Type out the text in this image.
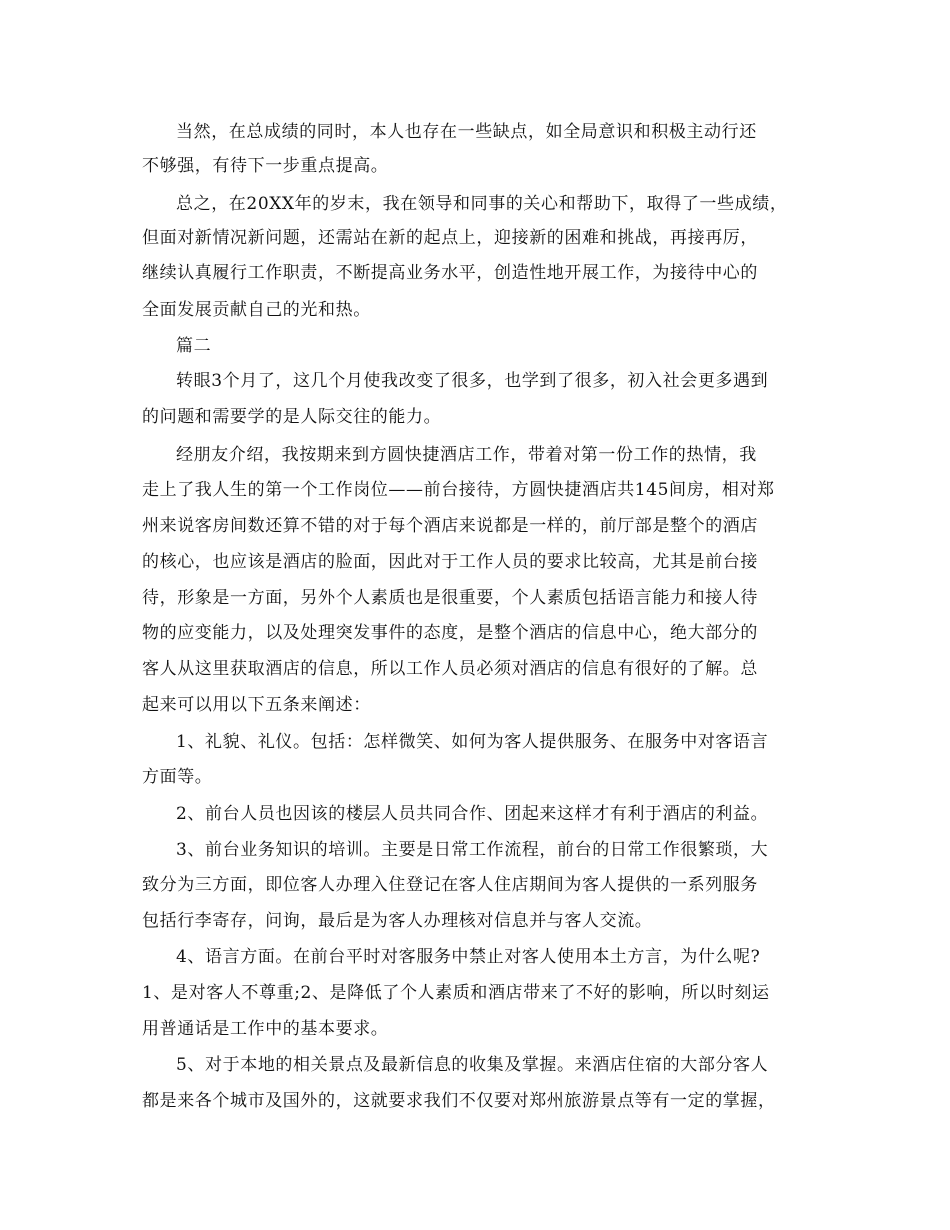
当然，在总成绩的同时，本人也存在一些缺点，如全局意识和积极主动行还
不够强，有待下一步重点提高。
总之，在20XX年的岁末，我在领导和同事的关心和帮助下，取得了一些成绩，
但面对新情况新问题，还需站在新的起点上，迎接新的困难和挑战，再接再厉，
继续认真履行工作职责，不断提高业务水平，创造性地开展工作，为接待中心的
全面发展贡献自己的光和热。
篇二
转眼3个月了，这几个月使我改变了很多，也学到了很多，初入社会更多遇到
的问题和需要学的是人际交往的能力。
经朋友介绍，我按期来到方圆快捷酒店工作，带着对第一份工作的热情，我
走上了我人生的第一个工作岗位——前台接待，方圆快捷酒店共145间房，相对郑
州来说客房间数还算不错的对于每个酒店来说都是一样的，前厅部是整个的酒店
的核心，也应该是酒店的脸面，因此对于工作人员的要求比较高，尤其是前台接
待，形象是一方面，另外个人素质也是很重要，个人素质包括语言能力和接人待
物的应变能力，以及处理突发事件的态度，是整个酒店的信息中心，绝大部分的
客人从这里获取酒店的信息，所以工作人员必须对酒店的信息有很好的了解。总
起来可以用以下五条来阐述：
1、礼貌、礼仪。包括：怎样微笑、如何为客人提供服务、在服务中对客语言
方面等。
2、前台人员也因该的楼层人员共同合作、团起来这样才有利于酒店的利益。
3、前台业务知识的培训。主要是日常工作流程，前台的日常工作很繁琐，大
致分为三方面，即位客人办理入住登记在客人住店期间为客人提供的一系列服务
包括行李寄存，问询，最后是为客人办理核对信息并与客人交流。
4、语言方面。在前台平时对客服务中禁止对客人使用本土方言，为什么呢?
1、是对客人不尊重;2、是降低了个人素质和酒店带来了不好的影响，所以时刻运
用普通话是工作中的基本要求。
5、对于本地的相关景点及最新信息的收集及掌握。来酒店住宿的大部分客人
都是来各个城市及国外的，这就要求我们不仅要对郑州旅游景点等有一定的掌握，
